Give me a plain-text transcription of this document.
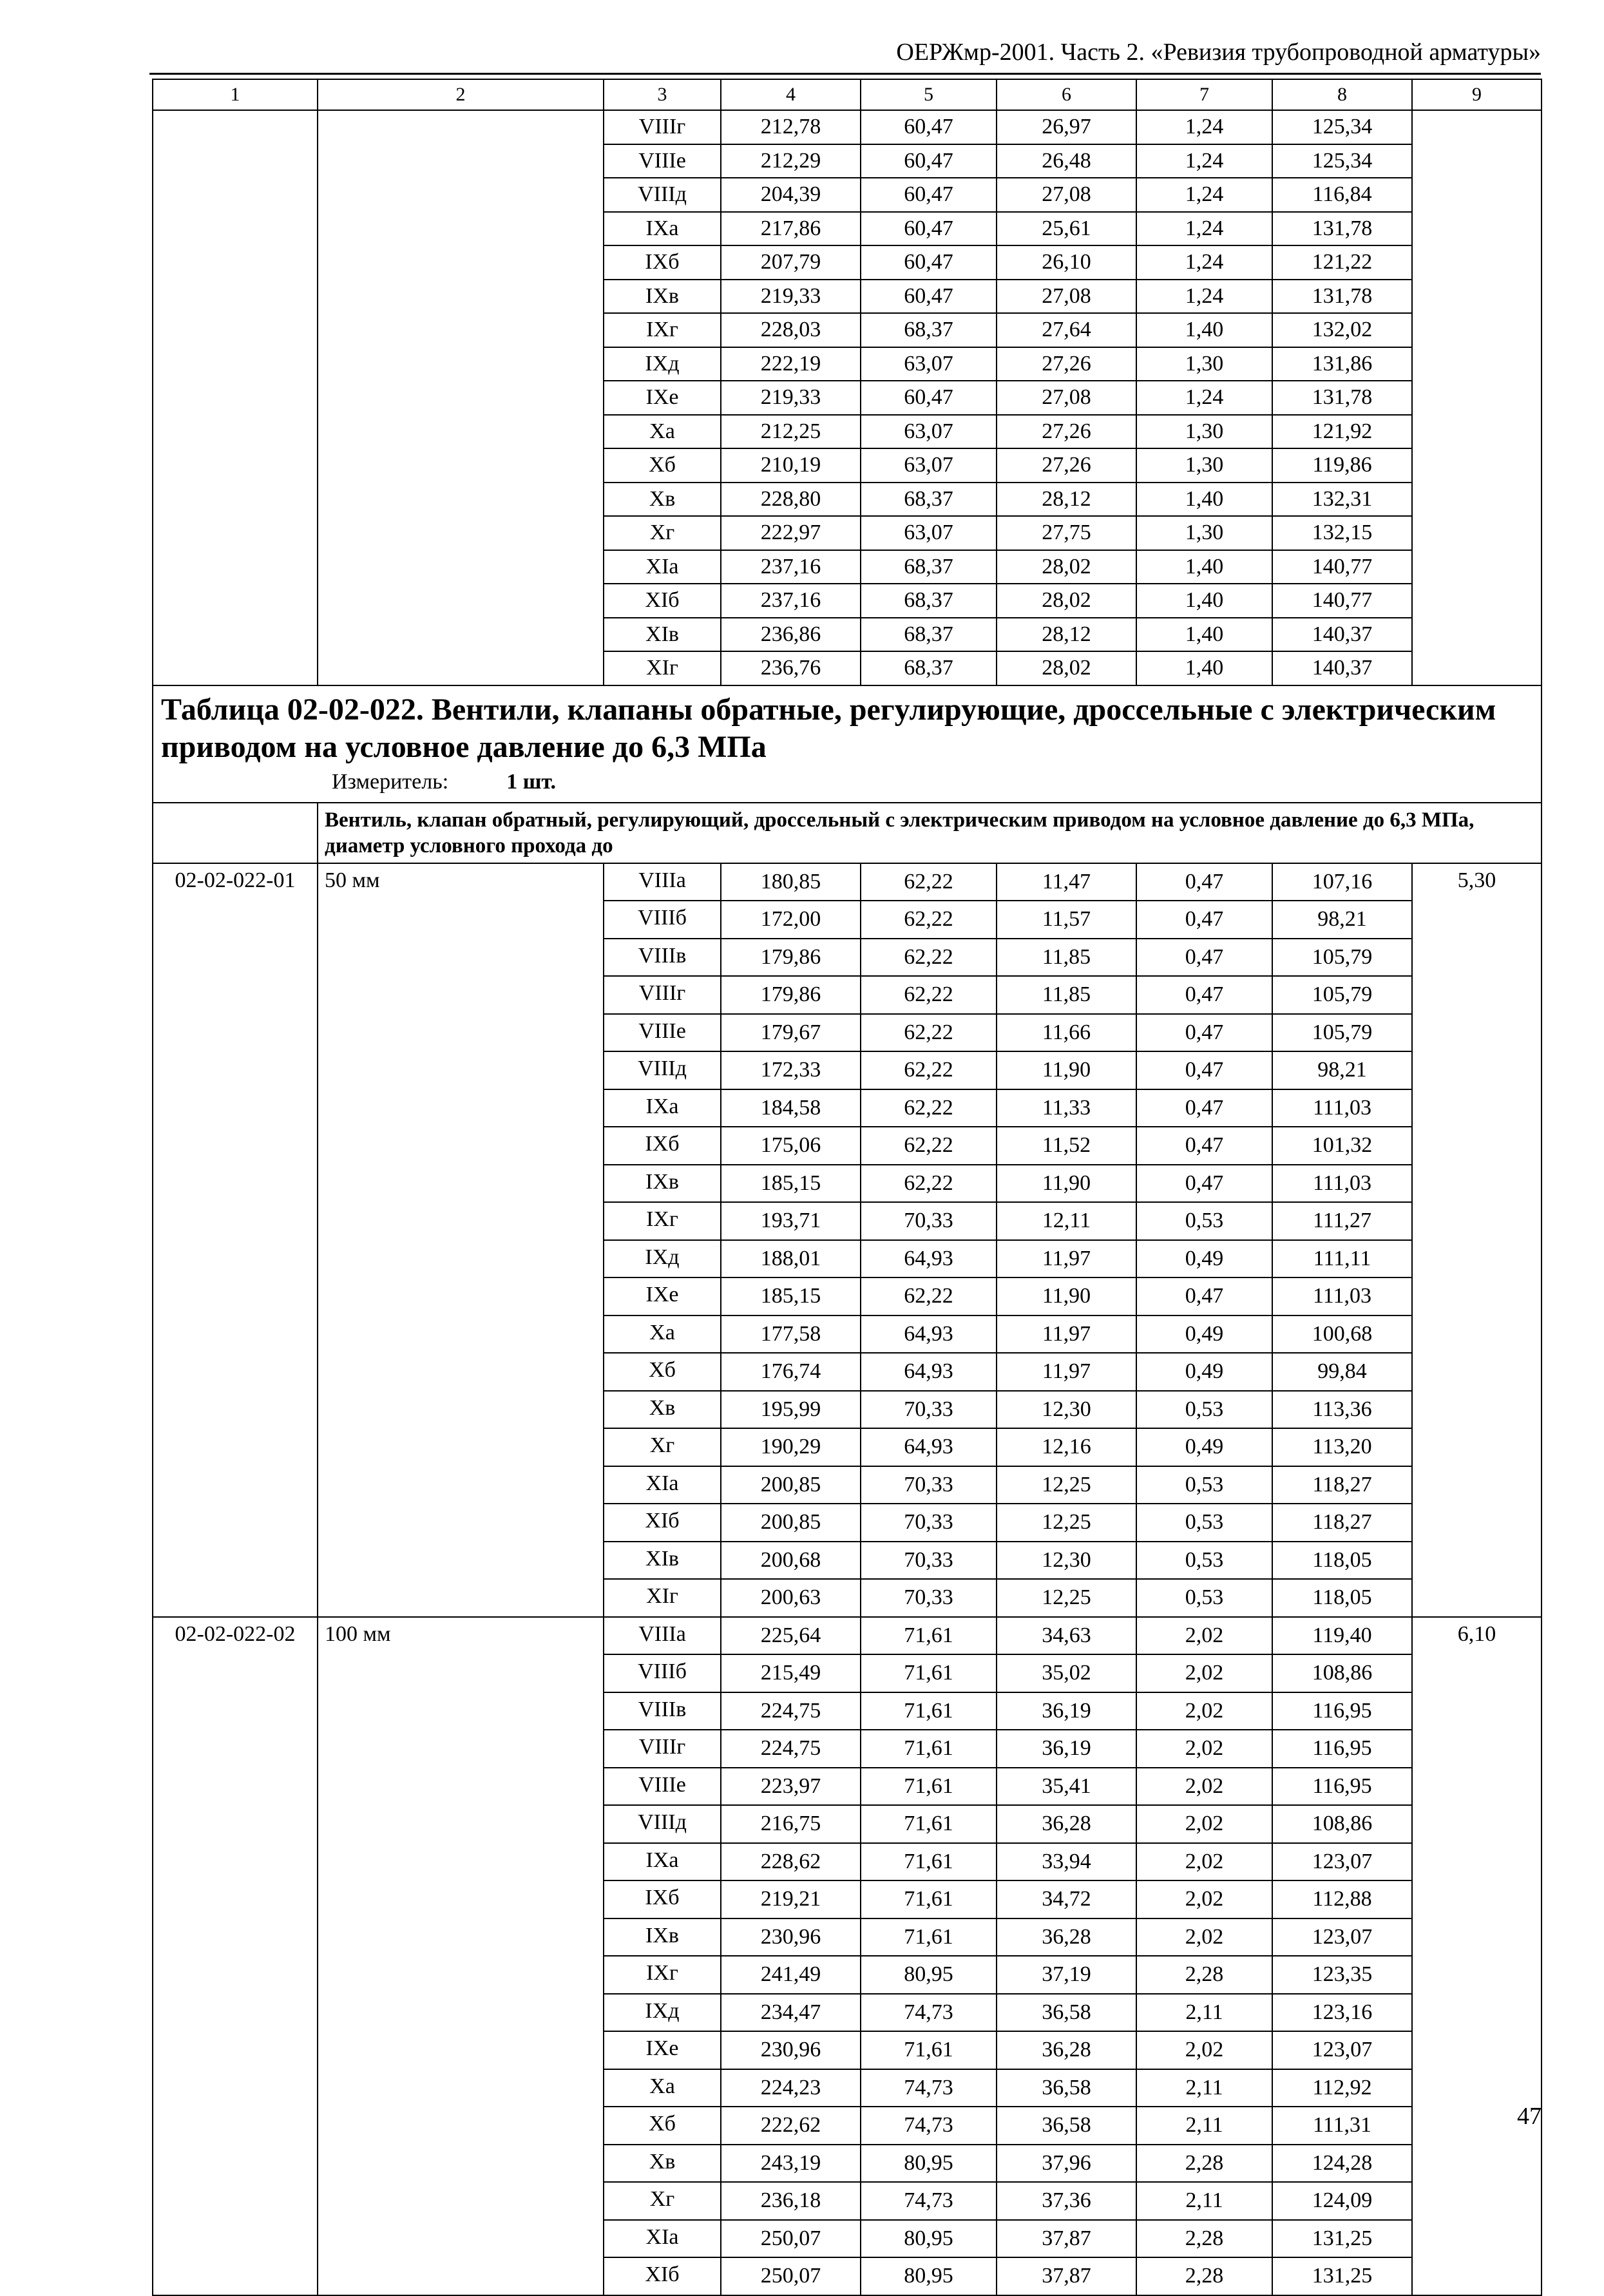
ОЕРЖмр-2001. Часть 2. «Ревизия трубопроводной арматуры»
1	2	3	4	5	6	7	8	9
		VIIIг	212,78	60,47	26,97	1,24	125,34	
		VIIIе	212,29	60,47	26,48	1,24	125,34	
		VIIIд	204,39	60,47	27,08	1,24	116,84	
		IXа	217,86	60,47	25,61	1,24	131,78	
		IXб	207,79	60,47	26,10	1,24	121,22	
		IXв	219,33	60,47	27,08	1,24	131,78	
		IXг	228,03	68,37	27,64	1,40	132,02	
		IXд	222,19	63,07	27,26	1,30	131,86	
		IXе	219,33	60,47	27,08	1,24	131,78	
		Xа	212,25	63,07	27,26	1,30	121,92	
		Xб	210,19	63,07	27,26	1,30	119,86	
		Xв	228,80	68,37	28,12	1,40	132,31	
		Xг	222,97	63,07	27,75	1,30	132,15	
		XIа	237,16	68,37	28,02	1,40	140,77	
		XIб	237,16	68,37	28,02	1,40	140,77	
		XIв	236,86	68,37	28,12	1,40	140,37	
		XIг	236,76	68,37	28,02	1,40	140,37	

Таблица 02-02-022. Вентили, клапаны обратные, регулирующие, дроссельные с электрическим приводом на условное давление до 6,3 МПа
Измеритель: 1 шт.								

	Вентиль, клапан обратный, регулирующий, дроссельный с электрическим приводом на условное давление до 6,3 МПа, диаметр условного прохода до							
02-02-022-01	50 мм	VIIIа	180,85	62,22	11,47	0,47	107,16	5,30
		VIIIб	172,00	62,22	11,57	0,47	98,21	
		VIIIв	179,86	62,22	11,85	0,47	105,79	
		VIIIг	179,86	62,22	11,85	0,47	105,79	
		VIIIе	179,67	62,22	11,66	0,47	105,79	
		VIIIд	172,33	62,22	11,90	0,47	98,21	
		IXа	184,58	62,22	11,33	0,47	111,03	
		IXб	175,06	62,22	11,52	0,47	101,32	
		IXв	185,15	62,22	11,90	0,47	111,03	
		IXг	193,71	70,33	12,11	0,53	111,27	
		IXд	188,01	64,93	11,97	0,49	111,11	
		IXе	185,15	62,22	11,90	0,47	111,03	
		Xа	177,58	64,93	11,97	0,49	100,68	
		Xб	176,74	64,93	11,97	0,49	99,84	
		Xв	195,99	70,33	12,30	0,53	113,36	
		Xг	190,29	64,93	12,16	0,49	113,20	
		XIа	200,85	70,33	12,25	0,53	118,27	
		XIб	200,85	70,33	12,25	0,53	118,27	
		XIв	200,68	70,33	12,30	0,53	118,05	
		XIг	200,63	70,33	12,25	0,53	118,05	
02-02-022-02	100 мм	VIIIа	225,64	71,61	34,63	2,02	119,40	6,10
		VIIIб	215,49	71,61	35,02	2,02	108,86	
		VIIIв	224,75	71,61	36,19	2,02	116,95	
		VIIIг	224,75	71,61	36,19	2,02	116,95	
		VIIIе	223,97	71,61	35,41	2,02	116,95	
		VIIIд	216,75	71,61	36,28	2,02	108,86	
		IXа	228,62	71,61	33,94	2,02	123,07	
		IXб	219,21	71,61	34,72	2,02	112,88	
		IXв	230,96	71,61	36,28	2,02	123,07	
		IXг	241,49	80,95	37,19	2,28	123,35	
		IXд	234,47	74,73	36,58	2,11	123,16	
		IXе	230,96	71,61	36,28	2,02	123,07	
		Xа	224,23	74,73	36,58	2,11	112,92	
		Xб	222,62	74,73	36,58	2,11	111,31	
		Xв	243,19	80,95	37,96	2,28	124,28	
		Xг	236,18	74,73	37,36	2,11	124,09	
		XIа	250,07	80,95	37,87	2,28	131,25	
		XIб	250,07	80,95	37,87	2,28	131,25	
47
